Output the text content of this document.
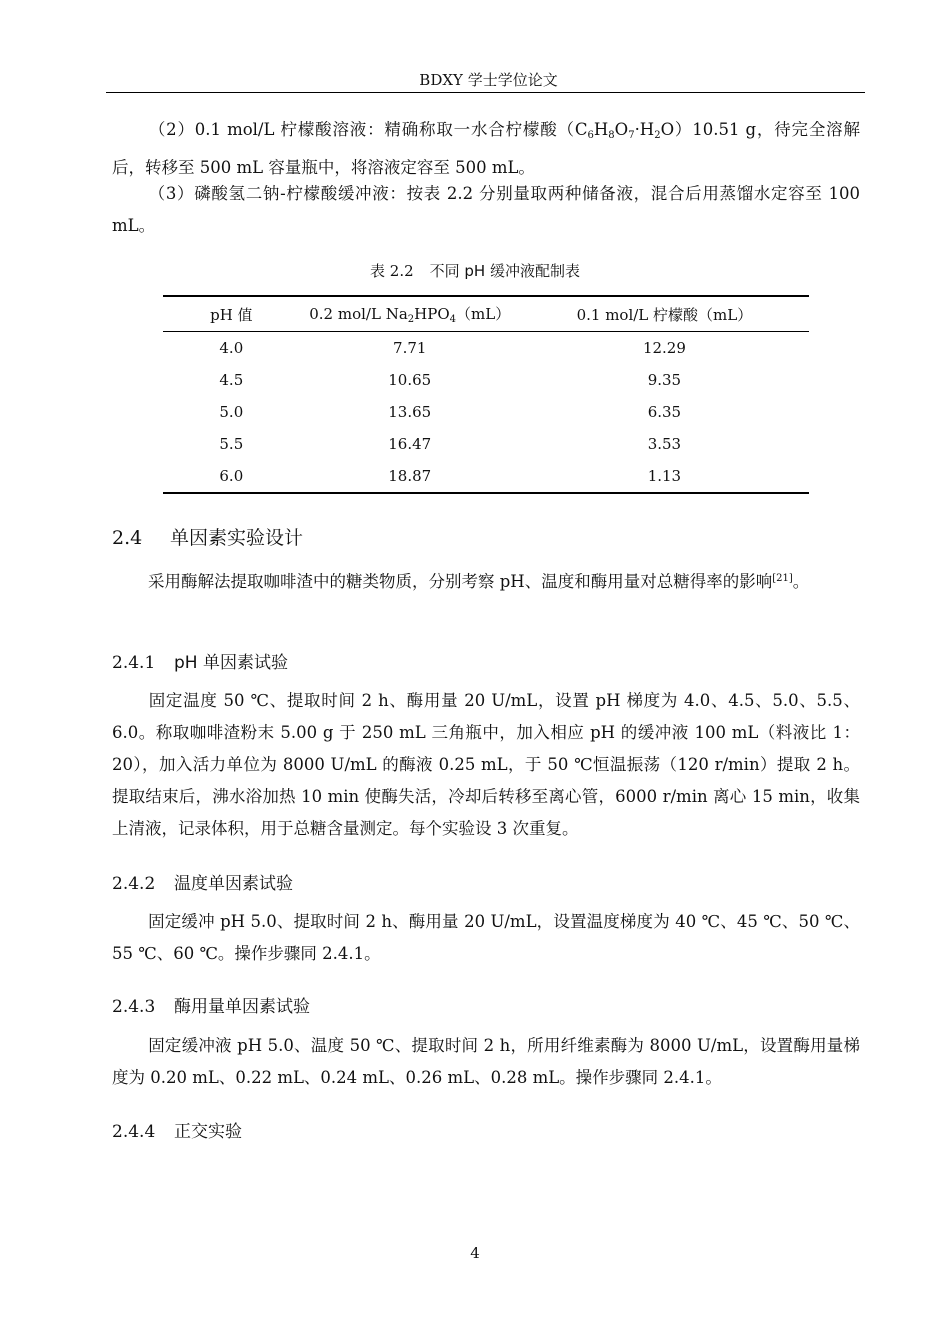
BDXY 学士学位论文
（2）0.1 mol/L 柠檬酸溶液：精确称取一水合柠檬酸$(C_6H_8O_7\cdot H_2O)10.51$ g，待完全溶解后，转移至 500 mL 容量瓶中，将溶液定容至 500 mL。
（3）磷酸氢二钠-柠檬酸缓冲液：按表 2.2 分别量取两种储备液，混合后用蒸馏水定容至 100 mL。
表 2.2 不同 pH 缓冲液配制表
pH 值	0.2 mol/L $Na_2HPO_4(mL)$	0.1 mol/L 柠檬酸（mL）
4.0	7.71	12.29
4.5	10.65	9.35
5.0	13.65	6.35
5.5	16.47	3.53
6.0	18.87	1.13
2.4 单因素实验设计
采用酶解法提取咖啡渣中的糖类物质，分别考察 pH、温度和酶用量对总糖得率的影响[21]。
2.4.1 pH 单因素试验
固定温度 50 ℃、提取时间 2 h、酶用量 20 U/mL，设置 pH 梯度为 4.0、4.5、5.0、5.5、6.0。称取咖啡渣粉末 5.00 g 于 250 mL 三角瓶中，加入相应 pH 的缓冲液 100 mL（料液比 1：20），加入活力单位为 8000 U/mL 的酶液 0.25 mL，于 50 ℃恒温振荡（120 r/min）提取 2 h。提取结束后，沸水浴加热 10 min 使酶失活，冷却后转移至离心管，6000 r/min 离心 15 min，收集上清液，记录体积，用于总糖含量测定。每个实验设 3 次重复。
2.4.2 温度单因素试验
固定缓冲 pH 5.0、提取时间 2 h、酶用量 20 U/mL，设置温度梯度为 40 ℃、45 ℃、50 ℃、55 ℃、60 ℃。操作步骤同 2.4.1。
2.4.3 酶用量单因素试验
固定缓冲液 pH 5.0、温度 50 ℃、提取时间 2 h，所用纤维素酶为 8000 U/mL，设置酶用量梯度为 0.20 mL、0.22 mL、0.24 mL、0.26 mL、0.28 mL。操作步骤同 2.4.1。
2.4.4 正交实验
4
